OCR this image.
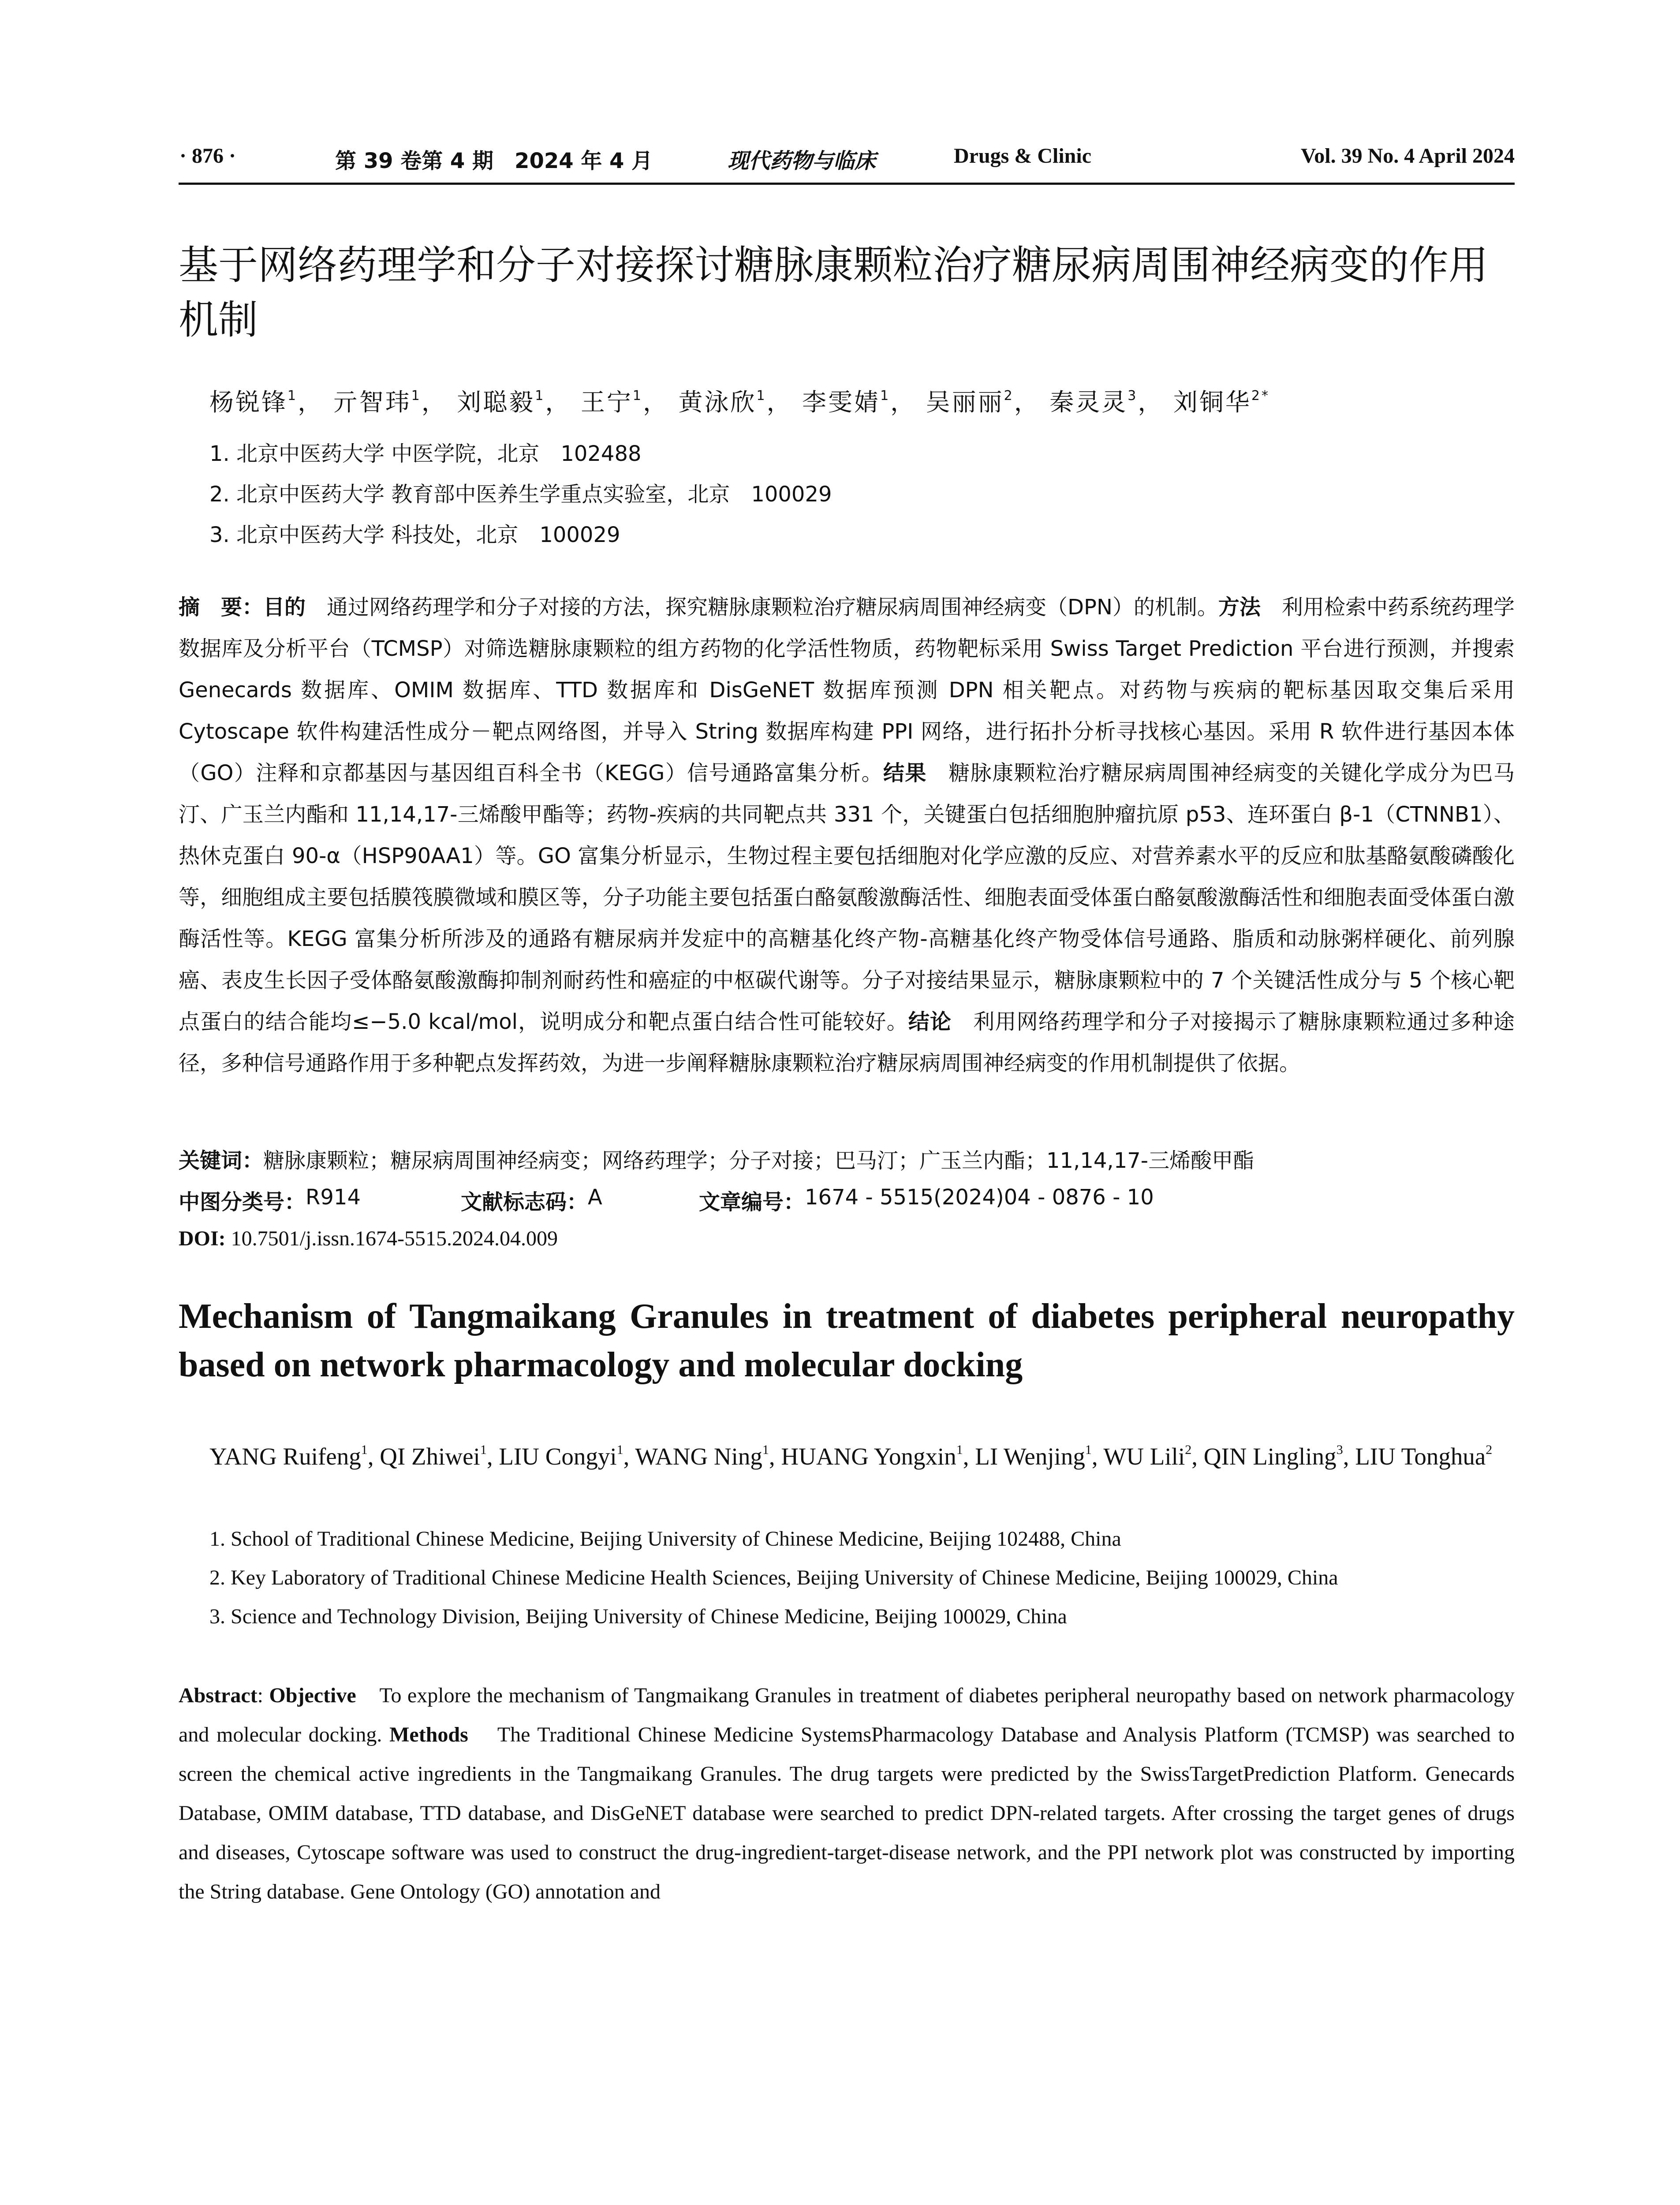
· 876 ·	第 39 卷第 4 期　2024 年 4 月	现代药物与临床	Drugs & Clinic	Vol. 39 No. 4 April 2024
基于网络药理学和分子对接探讨糖脉康颗粒治疗糖尿病周围神经病变的作用机制
杨锐锋$^1$， 亓智玮$^1$， 刘聪毅$^1$， 王宁$^1$， 黄泳欣$^1$， 李雯婧$^1$， 吴丽丽$^2$， 秦灵灵$^3$， 刘铜华$^{2*}$
1. 北京中医药大学 中医学院，北京　102488
2. 北京中医药大学 教育部中医养生学重点实验室，北京　100029
3. 北京中医药大学 科技处，北京　100029

摘　要：目的　 通过网络药理学和分子对接的方法，探究糖脉康颗粒治疗糖尿病周围神经病变（DPN）的机制。方法　 利用检索中药系统药理学数据库及分析平台（TCMSP）对筛选糖脉康颗粒的组方药物的化学活性物质，药物靶标采用 Swiss Target Prediction 平台进行预测，并搜索 Genecards 数据库、OMIM 数据库、TTD 数据库和 DisGeNET 数据库预测 DPN 相关靶点。对药物与疾病的靶标基因取交集后采用 Cytoscape 软件构建活性成分－靶点网络图，并导入 String 数据库构建 PPI 网络，进行拓扑分析寻找核心基因。采用 R 软件进行基因本体（GO）注释和京都基因与基因组百科全书（KEGG）信号通路富集分析。结果　 糖脉康颗粒治疗糖尿病周围神经病变的关键化学成分为巴马汀、广玉兰内酯和 11,14,17-三烯酸甲酯等；药物-疾病的共同靶点共 331 个，关键蛋白包括细胞肿瘤抗原 p53、连环蛋白 β-1（CTNNB1）、热休克蛋白 90-α（HSP90AA1）等。GO 富集分析显示，生物过程主要包括细胞对化学应激的反应、对营养素水平的反应和肽基酪氨酸磷酸化等，细胞组成主要包括膜筏膜微域和膜区等，分子功能主要包括蛋白酪氨酸激酶活性、细胞表面受体蛋白酪氨酸激酶活性和细胞表面受体蛋白激酶活性等。KEGG 富集分析所涉及的通路有糖尿病并发症中的高糖基化终产物-高糖基化终产物受体信号通路、脂质和动脉粥样硬化、前列腺癌、表皮生长因子受体酪氨酸激酶抑制剂耐药性和癌症的中枢碳代谢等。分子对接结果显示，糖脉康颗粒中的 7 个关键活性成分与 5 个核心靶点蛋白的结合能均≤−5.0 kcal/mol，说明成分和靶点蛋白结合性可能较好。结论　 利用网络药理学和分子对接揭示了糖脉康颗粒通过多种途径，多种信号通路作用于多种靶点发挥药效，为进一步阐释糖脉康颗粒治疗糖尿病周围神经病变的作用机制提供了依据。

关键词：糖脉康颗粒；糖尿病周围神经病变；网络药理学；分子对接；巴马汀；广玉兰内酯；11,14,17-三烯酸甲酯
中图分类号： R914	文献标志码： A	文章编号： 1674 - 5515(2024)04 - 0876 - 10
DOI: 10.7501/j.issn.1674-5515.2024.04.009
Mechanism of Tangmaikang Granules in treatment of diabetes peripheral neuropathy based on network pharmacology and molecular docking

YANG Ruifeng$^1$, QI Zhiwei$^1$, LIU Congyi$^1$, WANG Ning$^1$, HUANG Yongxin$^1$, LI Wenjing$^1$, WU Lili$^2$, QIN Lingling$^3$, LIU Tonghua$^2$

1. School of Traditional Chinese Medicine, Beijing University of Chinese Medicine, Beijing 102488, China
2. Key Laboratory of Traditional Chinese Medicine Health Sciences, Beijing University of Chinese Medicine, Beijing 100029, China
3. Science and Technology Division, Beijing University of Chinese Medicine, Beijing 100029, China

Abstract: Objective To explore the mechanism of Tangmaikang Granules in treatment of diabetes peripheral neuropathy based on network pharmacology and molecular docking. Methods The Traditional Chinese Medicine SystemsPharmacology Database and Analysis Platform (TCMSP) was searched to screen the chemical active ingredients in the Tangmaikang Granules. The drug targets were predicted by the SwissTargetPrediction Platform. Genecards Database, OMIM database, TTD database, and DisGeNET database were searched to predict DPN-related targets. After crossing the target genes of drugs and diseases, Cytoscape software was used to construct the drug-ingredient-target-disease network, and the PPI network plot was constructed by importing the String database. Gene Ontology (GO) annotation and
